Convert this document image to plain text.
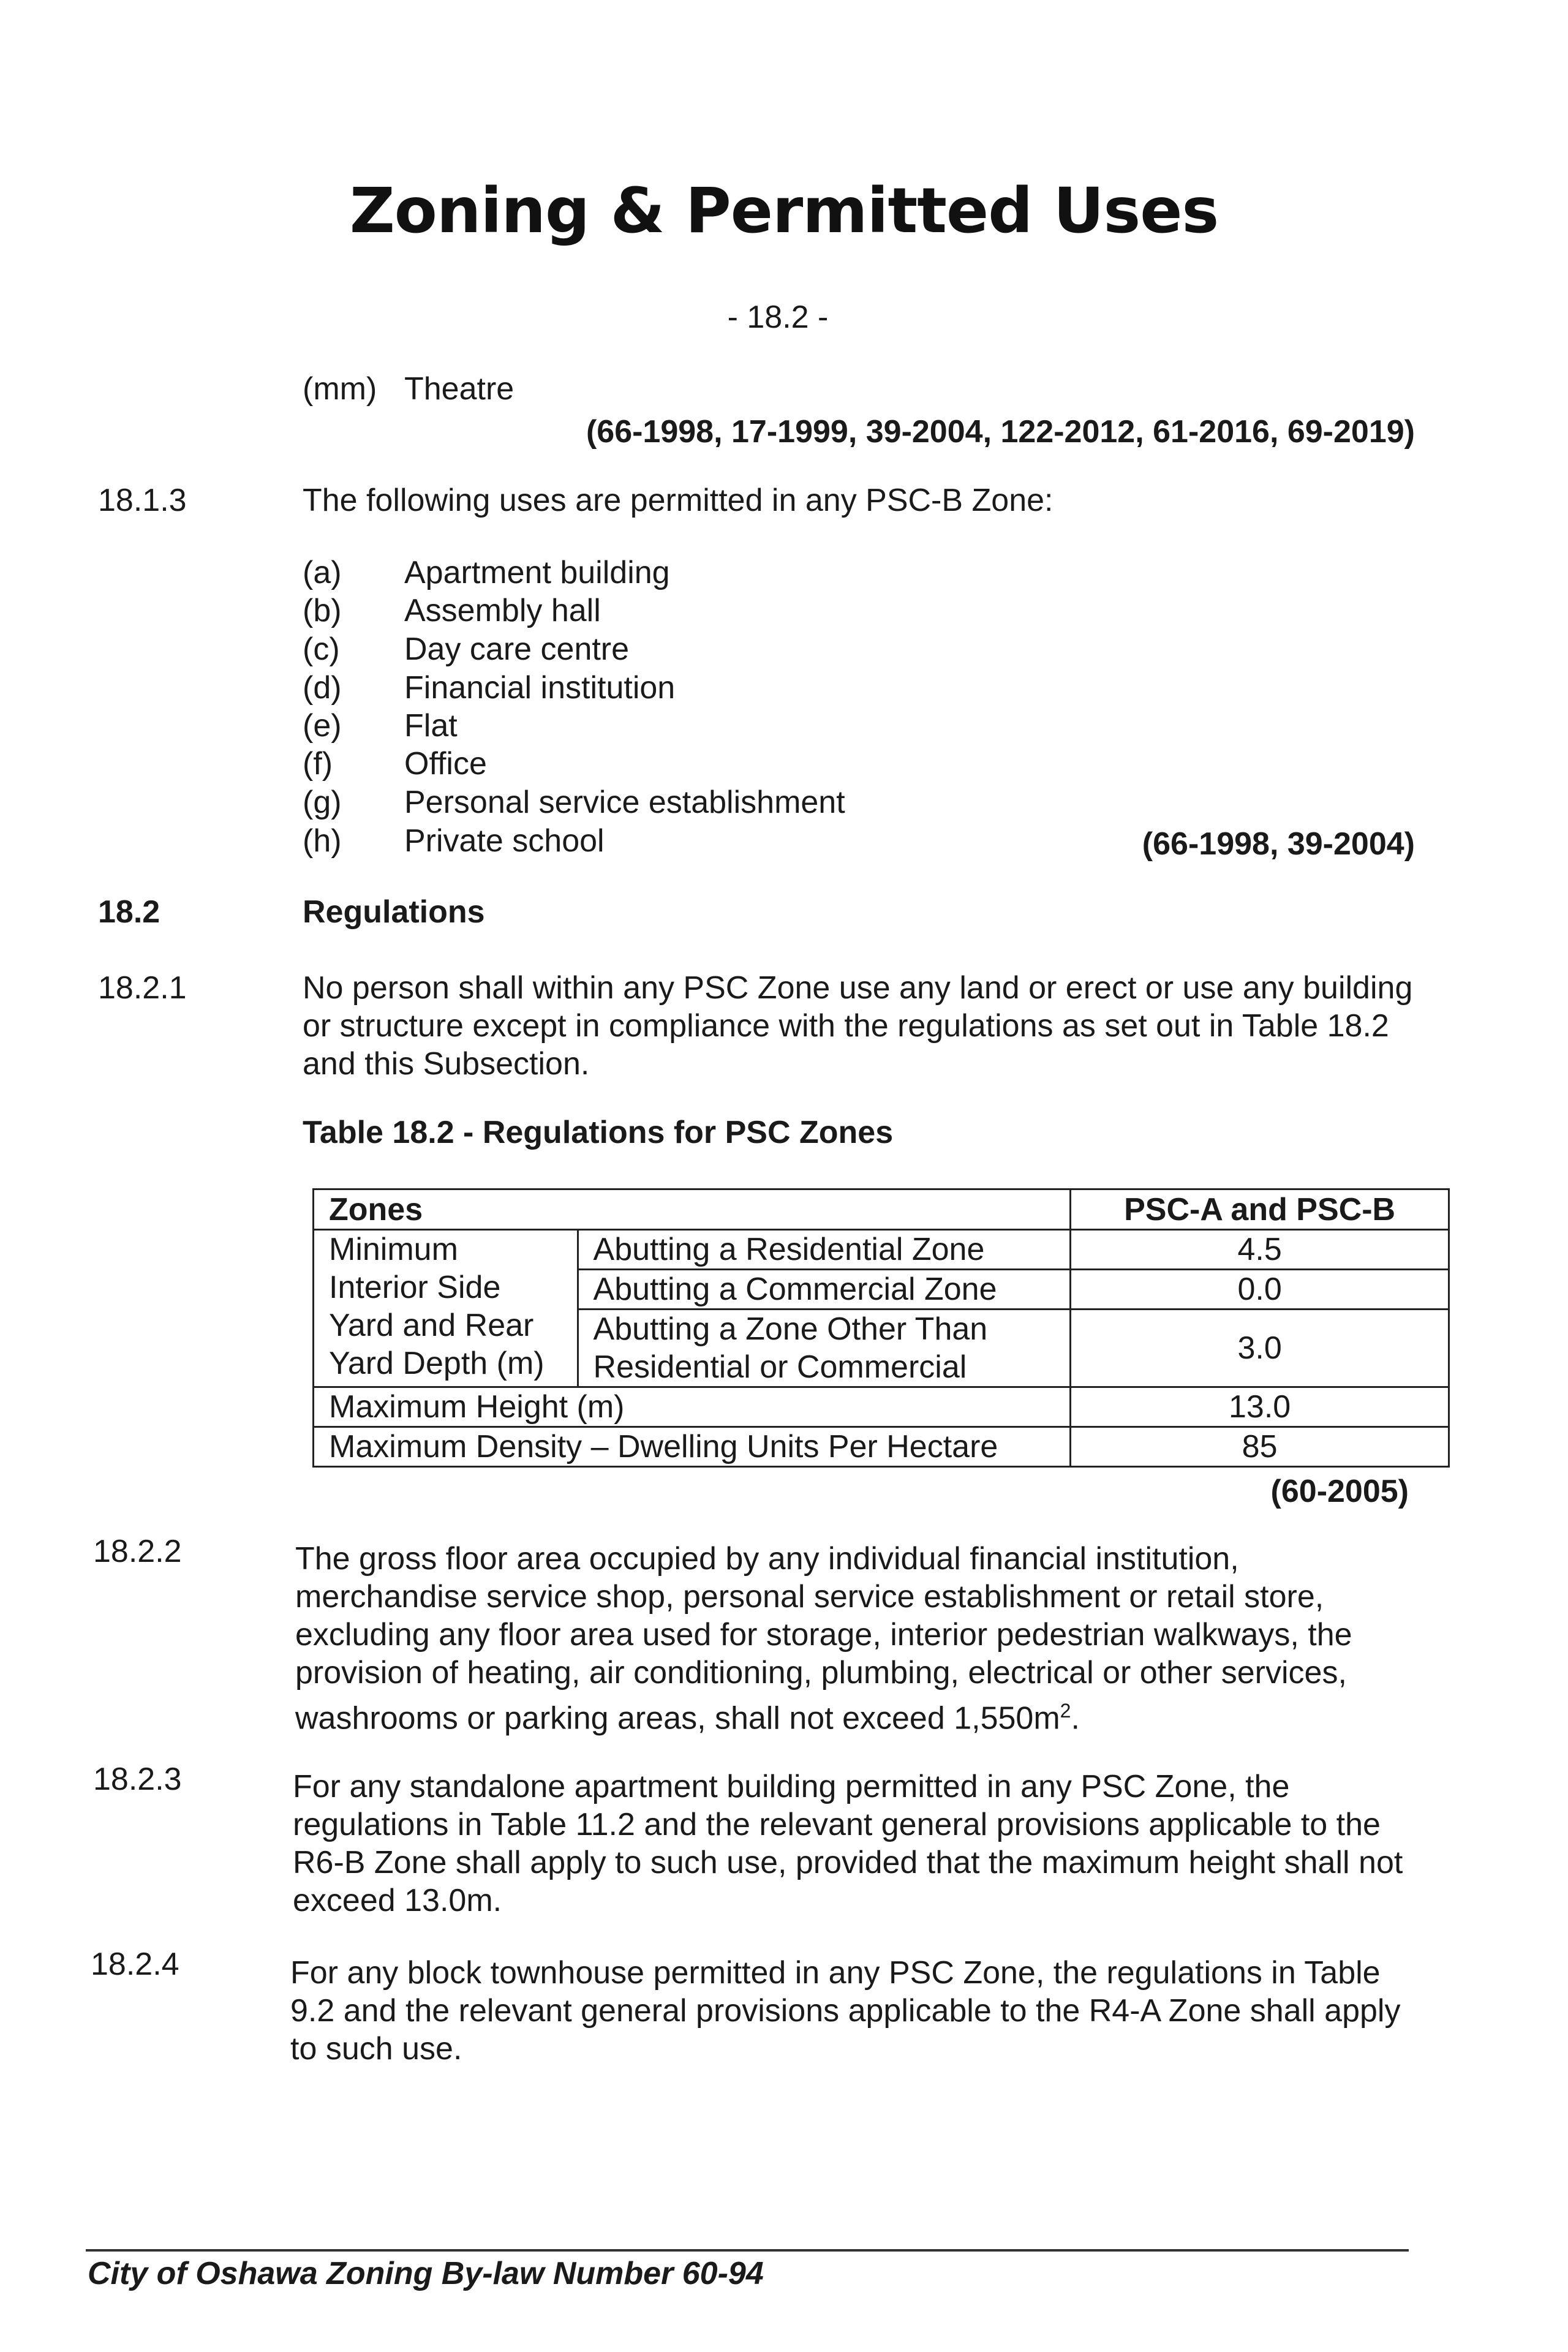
Zoning & Permitted Uses
- 18.2 -
(mm) Theatre
(66-1998, 17-1999, 39-2004, 122-2012, 61-2016, 69-2019)
18.1.3	The following uses are permitted in any PSC-B Zone:
(a) Apartment building
(b) Assembly hall
(c) Day care centre
(d) Financial institution
(e) Flat
(f) Office
(g) Personal service establishment
(h) Private school	(66-1998, 39-2004)
18.2	Regulations
18.2.1	No person shall within any PSC Zone use any land or erect or use any building or structure except in compliance with the regulations as set out in Table 18.2 and this Subsection.
Table 18.2 - Regulations for PSC Zones
Zones		PSC-A and PSC-B

Minimum
Interior Side
Yard and Rear
Yard Depth (m)	Abutting a Residential Zone	4.5
	Abutting a Commercial Zone	0.0

	Abutting a Zone Other Than
Residential or Commercial	3.0
Maximum Height (m)		13.0
Maximum Density – Dwelling Units Per Hectare		85
(60-2005)
18.2.2	The gross floor area occupied by any individual financial institution, merchandise service shop, personal service establishment or retail store, excluding any floor area used for storage, interior pedestrian walkways, the provision of heating, air conditioning, plumbing, electrical or other services, washrooms or parking areas, shall not exceed $1,550m^2$.
18.2.3	For any standalone apartment building permitted in any PSC Zone, the regulations in Table 11.2 and the relevant general provisions applicable to the R6-B Zone shall apply to such use, provided that the maximum height shall not exceed 13.0m.
18.2.4	For any block townhouse permitted in any PSC Zone, the regulations in Table 9.2 and the relevant general provisions applicable to the R4-A Zone shall apply to such use.
City of Oshawa Zoning By-law Number 60-94
